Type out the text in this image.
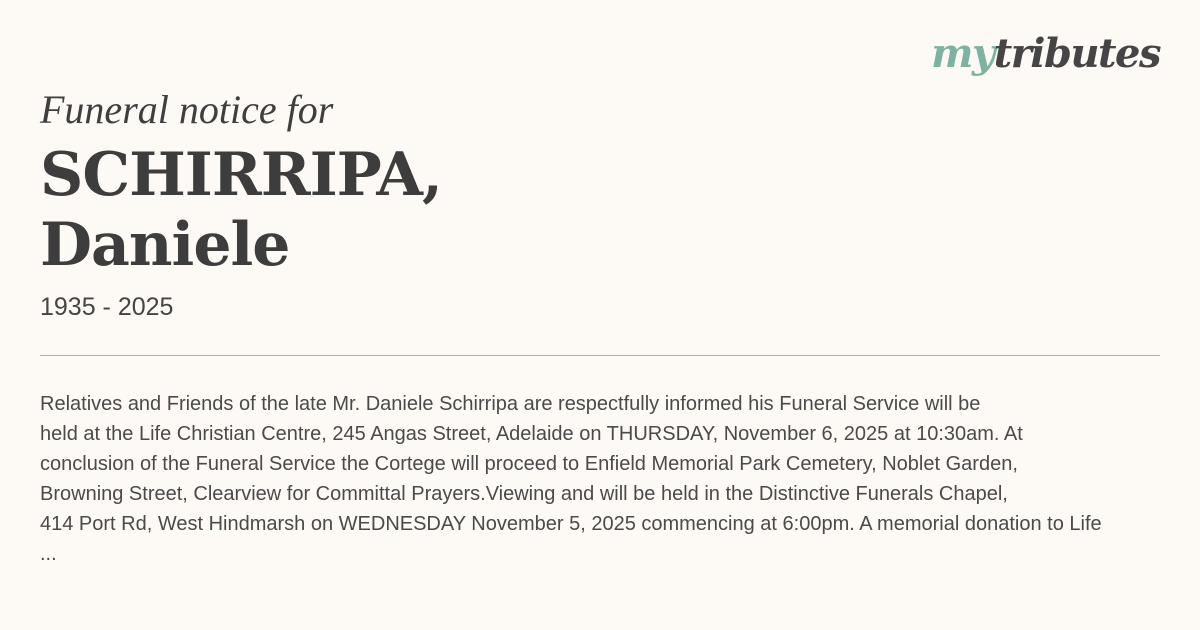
mytributes
Funeral notice for
SCHIRRIPA,
Daniele
1935 - 2025
Relatives and Friends of the late Mr. Daniele Schirripa are respectfully informed his Funeral Service will be
held at the Life Christian Centre, 245 Angas Street, Adelaide on THURSDAY, November 6, 2025 at 10:30am. At
conclusion of the Funeral Service the Cortege will proceed to Enfield Memorial Park Cemetery, Noblet Garden,
Browning Street, Clearview for Committal Prayers.Viewing and will be held in the Distinctive Funerals Chapel,
414 Port Rd, West Hindmarsh on WEDNESDAY November 5, 2025 commencing at 6:00pm. A memorial donation to Life
...
